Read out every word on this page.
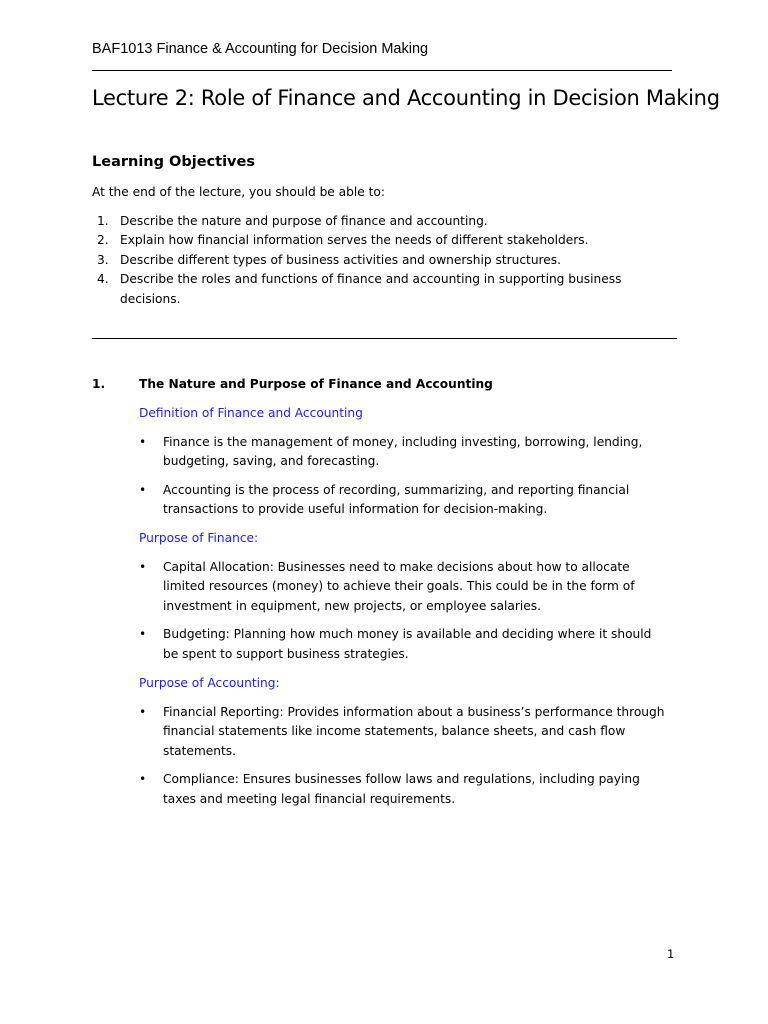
BAF1013 Finance & Accounting for Decision Making
Lecture 2: Role of Finance and Accounting in Decision Making
Learning Objectives
At the end of the lecture, you should be able to:
1. Describe the nature and purpose of finance and accounting.
2. Explain how financial information serves the needs of different stakeholders.
3. Describe different types of business activities and ownership structures.
4. Describe the roles and functions of finance and accounting in supporting business decisions.
1.	The Nature and Purpose of Finance and Accounting
Definition of Finance and Accounting
• Finance is the management of money, including investing, borrowing, lending, budgeting, saving, and forecasting.
• Accounting is the process of recording, summarizing, and reporting financial transactions to provide useful information for decision-making.
Purpose of Finance:
• Capital Allocation: Businesses need to make decisions about how to allocate limited resources (money) to achieve their goals. This could be in the form of investment in equipment, new projects, or employee salaries.
• Budgeting: Planning how much money is available and deciding where it should be spent to support business strategies.
Purpose of Accounting:
• Financial Reporting: Provides information about a business’s performance through financial statements like income statements, balance sheets, and cash flow statements.
• Compliance: Ensures businesses follow laws and regulations, including paying taxes and meeting legal financial requirements.
1
